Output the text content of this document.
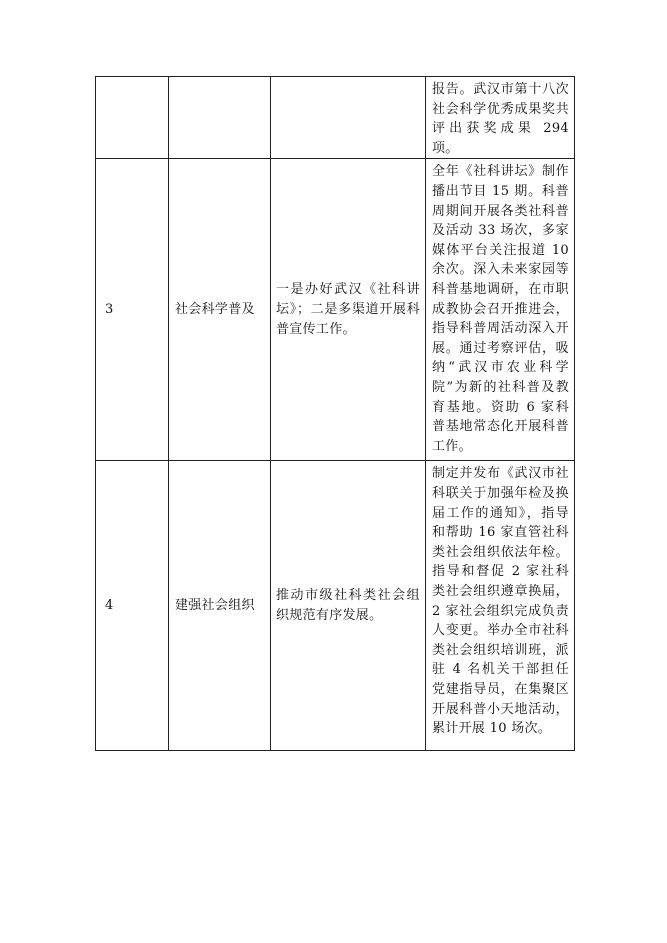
			报告。武汉市第十八次社会科学优秀成果奖共评出获奖成果 294 项。

3	社会科学普及	一是办好武汉《社科讲坛》；二是多渠道开展科普宣传工作。	全年《社科讲坛》制作播出节目 15 期。科普周期间开展各类社科普及活动 33 场次，多家媒体平台关注报道 10 余次。深入未来家园等科普基地调研，在市职成教协会召开推进会，指导科普周活动深入开展。通过考察评估，吸纳“武汉市农业科学院”为新的社科普及教育基地。资助 6 家科普基地常态化开展科普工作。

4	建强社会组织	推动市级社科类社会组织规范有序发展。	制定并发布《武汉市社科联关于加强年检及换届工作的通知》，指导和帮助 16 家直管社科类社会组织依法年检。指导和督促 2 家社科类社会组织遵章换届，2 家社会组织完成负责人变更。举办全市社科类社会组织培训班，派驻 4 名机关干部担任党建指导员，在集聚区开展科普小天地活动，累计开展 10 场次。
